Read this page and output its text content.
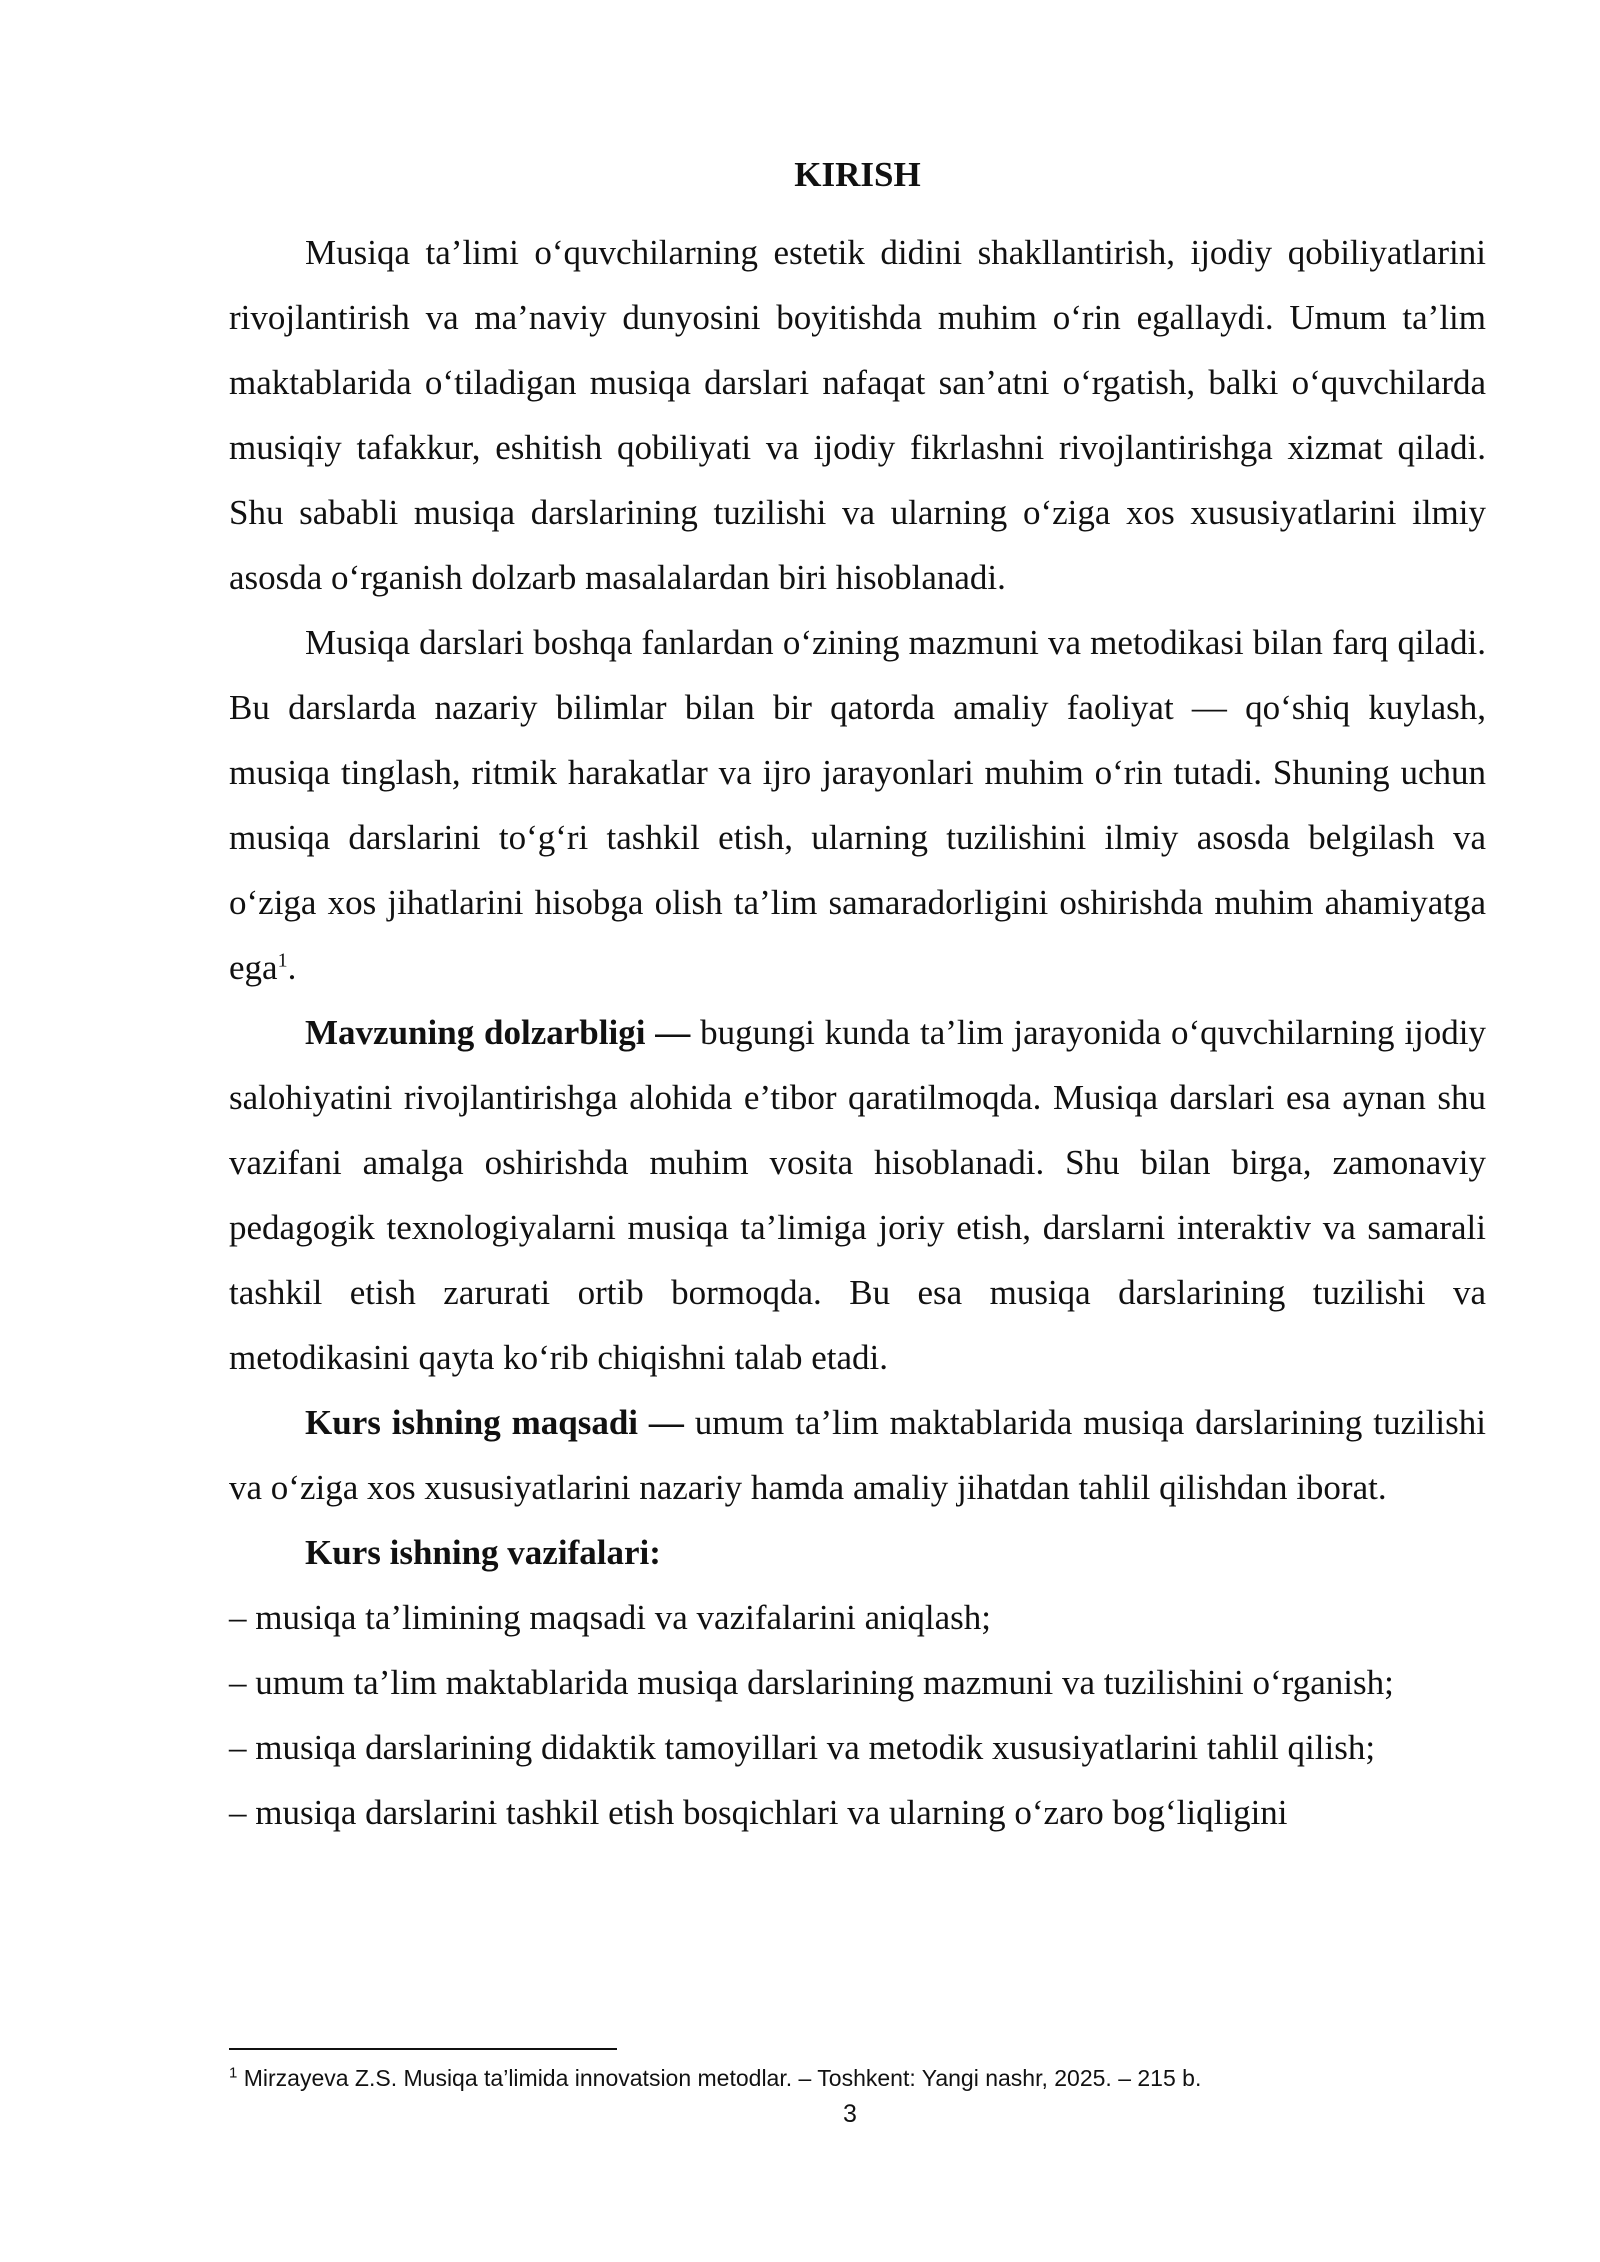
KIRISH

Musiqa ta’limi o‘quvchilarning estetik didini shakllantirish, ijodiy qobiliyatlarini rivojlantirish va ma’naviy dunyosini boyitishda muhim o‘rin egallaydi. Umum ta’lim maktablarida o‘tiladigan musiqa darslari nafaqat san’atni o‘rgatish, balki o‘quvchilarda musiqiy tafakkur, eshitish qobiliyati va ijodiy fikrlashni rivojlantirishga xizmat qiladi. Shu sababli musiqa darslarining tuzilishi va ularning o‘ziga xos xususiyatlarini ilmiy asosda o‘rganish dolzarb masalalardan biri hisoblanadi.

Musiqa darslari boshqa fanlardan o‘zining mazmuni va metodikasi bilan farq qiladi. Bu darslarda nazariy bilimlar bilan bir qatorda amaliy faoliyat — qo‘shiq kuylash, musiqa tinglash, ritmik harakatlar va ijro jarayonlari muhim o‘rin tutadi. Shuning uchun musiqa darslarini to‘g‘ri tashkil etish, ularning tuzilishini ilmiy asosda belgilash va o‘ziga xos jihatlarini hisobga olish ta’lim samaradorligini oshirishda muhim ahamiyatga ega$^1$.

Mavzuning dolzarbligi — bugungi kunda ta’lim jarayonida o‘quvchilarning ijodiy salohiyatini rivojlantirishga alohida e’tibor qaratilmoqda. Musiqa darslari esa aynan shu vazifani amalga oshirishda muhim vosita hisoblanadi. Shu bilan birga, zamonaviy pedagogik texnologiyalarni musiqa ta’limiga joriy etish, darslarni interaktiv va samarali tashkil etish zarurati ortib bormoqda. Bu esa musiqa darslarining tuzilishi va metodikasini qayta ko‘rib chiqishni talab etadi.

Kurs ishning maqsadi — umum ta’lim maktablarida musiqa darslarining tuzilishi va o‘ziga xos xususiyatlarini nazariy hamda amaliy jihatdan tahlil qilishdan iborat.

Kurs ishning vazifalari:

– musiqa ta’limining maqsadi va vazifalarini aniqlash;

– umum ta’lim maktablarida musiqa darslarining mazmuni va tuzilishini o‘rganish;

– musiqa darslarining didaktik tamoyillari va metodik xususiyatlarini tahlil qilish;

– musiqa darslarini tashkil etish bosqichlari va ularning o‘zaro bog‘liqligini

$^1$ Mirzayeva Z.S. Musiqa ta’limida innovatsion metodlar. – Toshkent: Yangi nashr, 2025. – 215 b.
3
